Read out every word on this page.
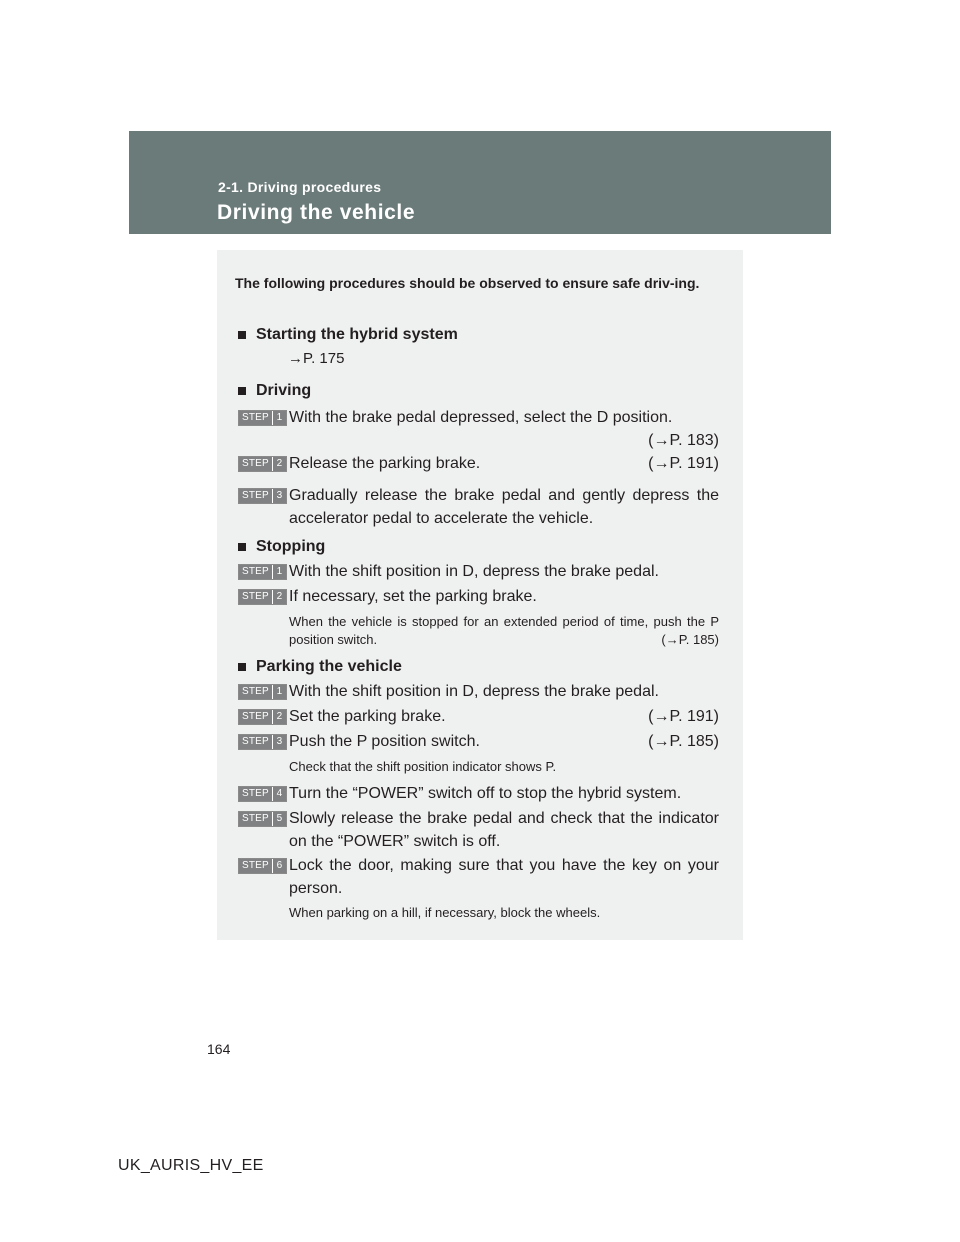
2-1. Driving procedures
Driving the vehicle
The following procedures should be observed to ensure safe driv-ing.
Starting the hybrid system
→P. 175
Driving
STEP 1 With the brake pedal depressed, select the D position.

(→P. 183)
STEP 2 Release the parking brake.	(→P. 191)
STEP 3 Gradually release the brake pedal and gently depress the accelerator pedal to accelerate the vehicle.
Stopping
STEP 1 With the shift position in D, depress the brake pedal.
STEP 2 If necessary, set the parking brake.
When the vehicle is stopped for an extended period of time, push the P position switch.	(→P. 185)
Parking the vehicle
STEP 1 With the shift position in D, depress the brake pedal.
STEP 2 Set the parking brake.	(→P. 191)
STEP 3 Push the P position switch.	(→P. 185)
Check that the shift position indicator shows P.
STEP 4 Turn the “POWER” switch off to stop the hybrid system.
STEP 5 Slowly release the brake pedal and check that the indicator on the “POWER” switch is off.
STEP 6 Lock the door, making sure that you have the key on your person.
When parking on a hill, if necessary, block the wheels.
164
UK_AURIS_HV_EE
